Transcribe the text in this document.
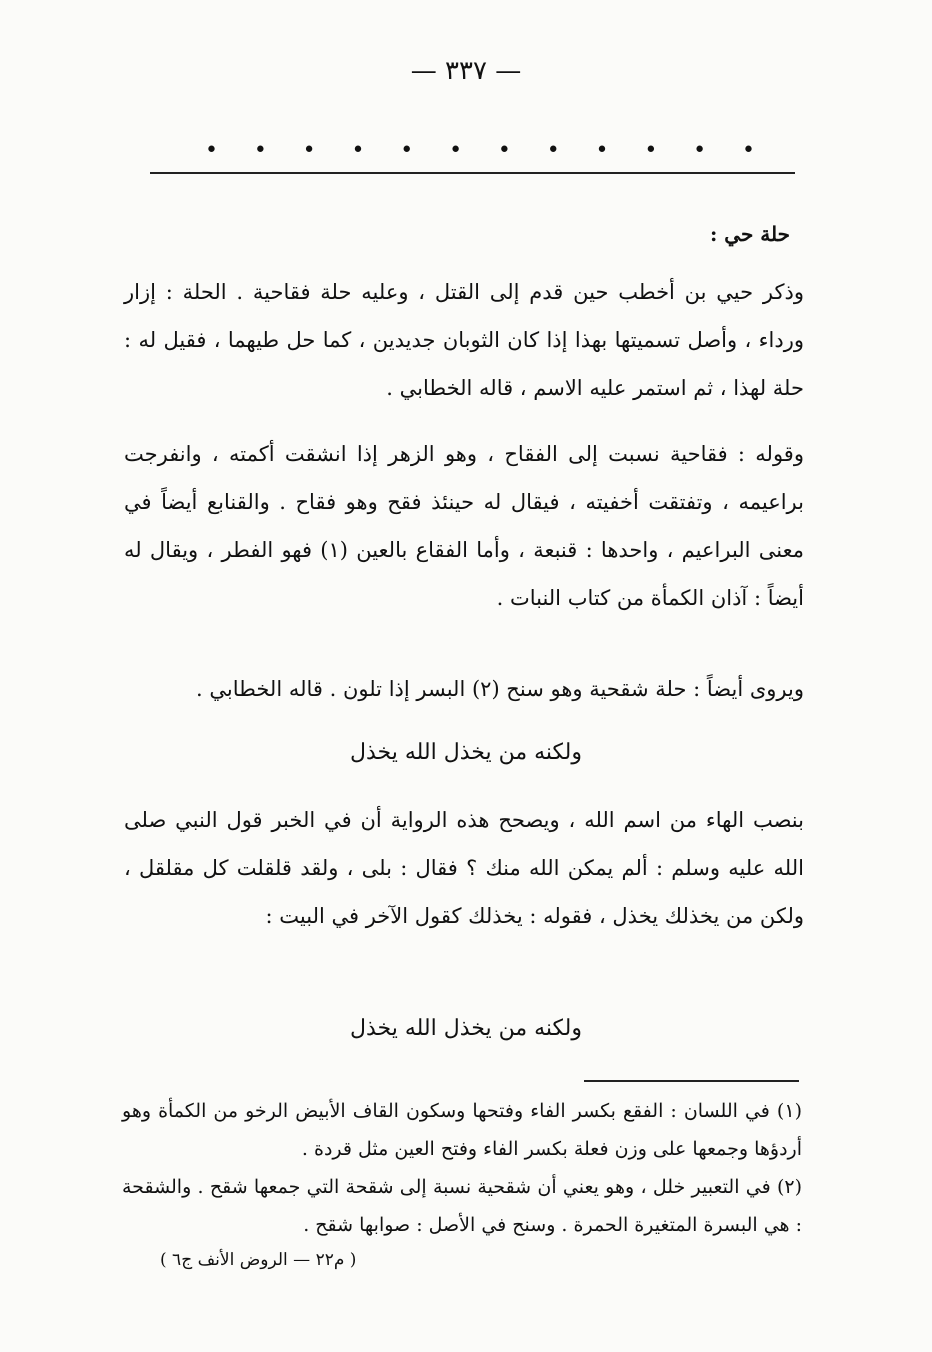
— ٣٣٧ —
• • • • • • • • • • • •
حلة حي :

وذكر حيي بن أخطب حين قدم إلى القتل ، وعليه حلة فقاحية . الحلة : إزار ورداء ، وأصل تسميتها بهذا إذا كان الثوبان جديدين ، كما حل طيهما ، فقيل له : حلة لهذا ، ثم استمر عليه الاسم ، قاله الخطابي .

وقوله : فقاحية نسبت إلى الفقاح ، وهو الزهر إذا انشقت أكمته ، وانفرجت براعيمه ، وتفتقت أخفيته ، فيقال له حينئذ فقح وهو فقاح . والقنابع أيضاً في معنى البراعيم ، واحدها : قنبعة ، وأما الفقاع بالعين (١) فهو الفطر ، ويقال له أيضاً : آذان الكمأة من كتاب النبات .

ويروى أيضاً : حلة شقحية وهو سنح (٢) البسر إذا تلون . قاله الخطابي .

ولكنه من يخذل الله يخذل

بنصب الهاء من اسم الله ، ويصحح هذه الرواية أن في الخبر قول النبي صلى الله عليه وسلم : ألم يمكن الله منك ؟ فقال : بلى ، ولقد قلقلت كل مقلقل ، ولكن من يخذلك يخذل ، فقوله : يخذلك كقول الآخر في البيت :

ولكنه من يخذل الله يخذل

(١) في اللسان : الفقع بكسر الفاء وفتحها وسكون القاف الأبيض الرخو من الكمأة وهو أردؤها وجمعها على وزن فعلة بكسر الفاء وفتح العين مثل قردة .

(٢) في التعبير خلل ، وهو يعني أن شقحية نسبة إلى شقحة التي جمعها شقح . والشقحة : هي البسرة المتغيرة الحمرة . وسنح في الأصل : صوابها شقح .

( م٢٢ — الروض الأنف ج٦ )
